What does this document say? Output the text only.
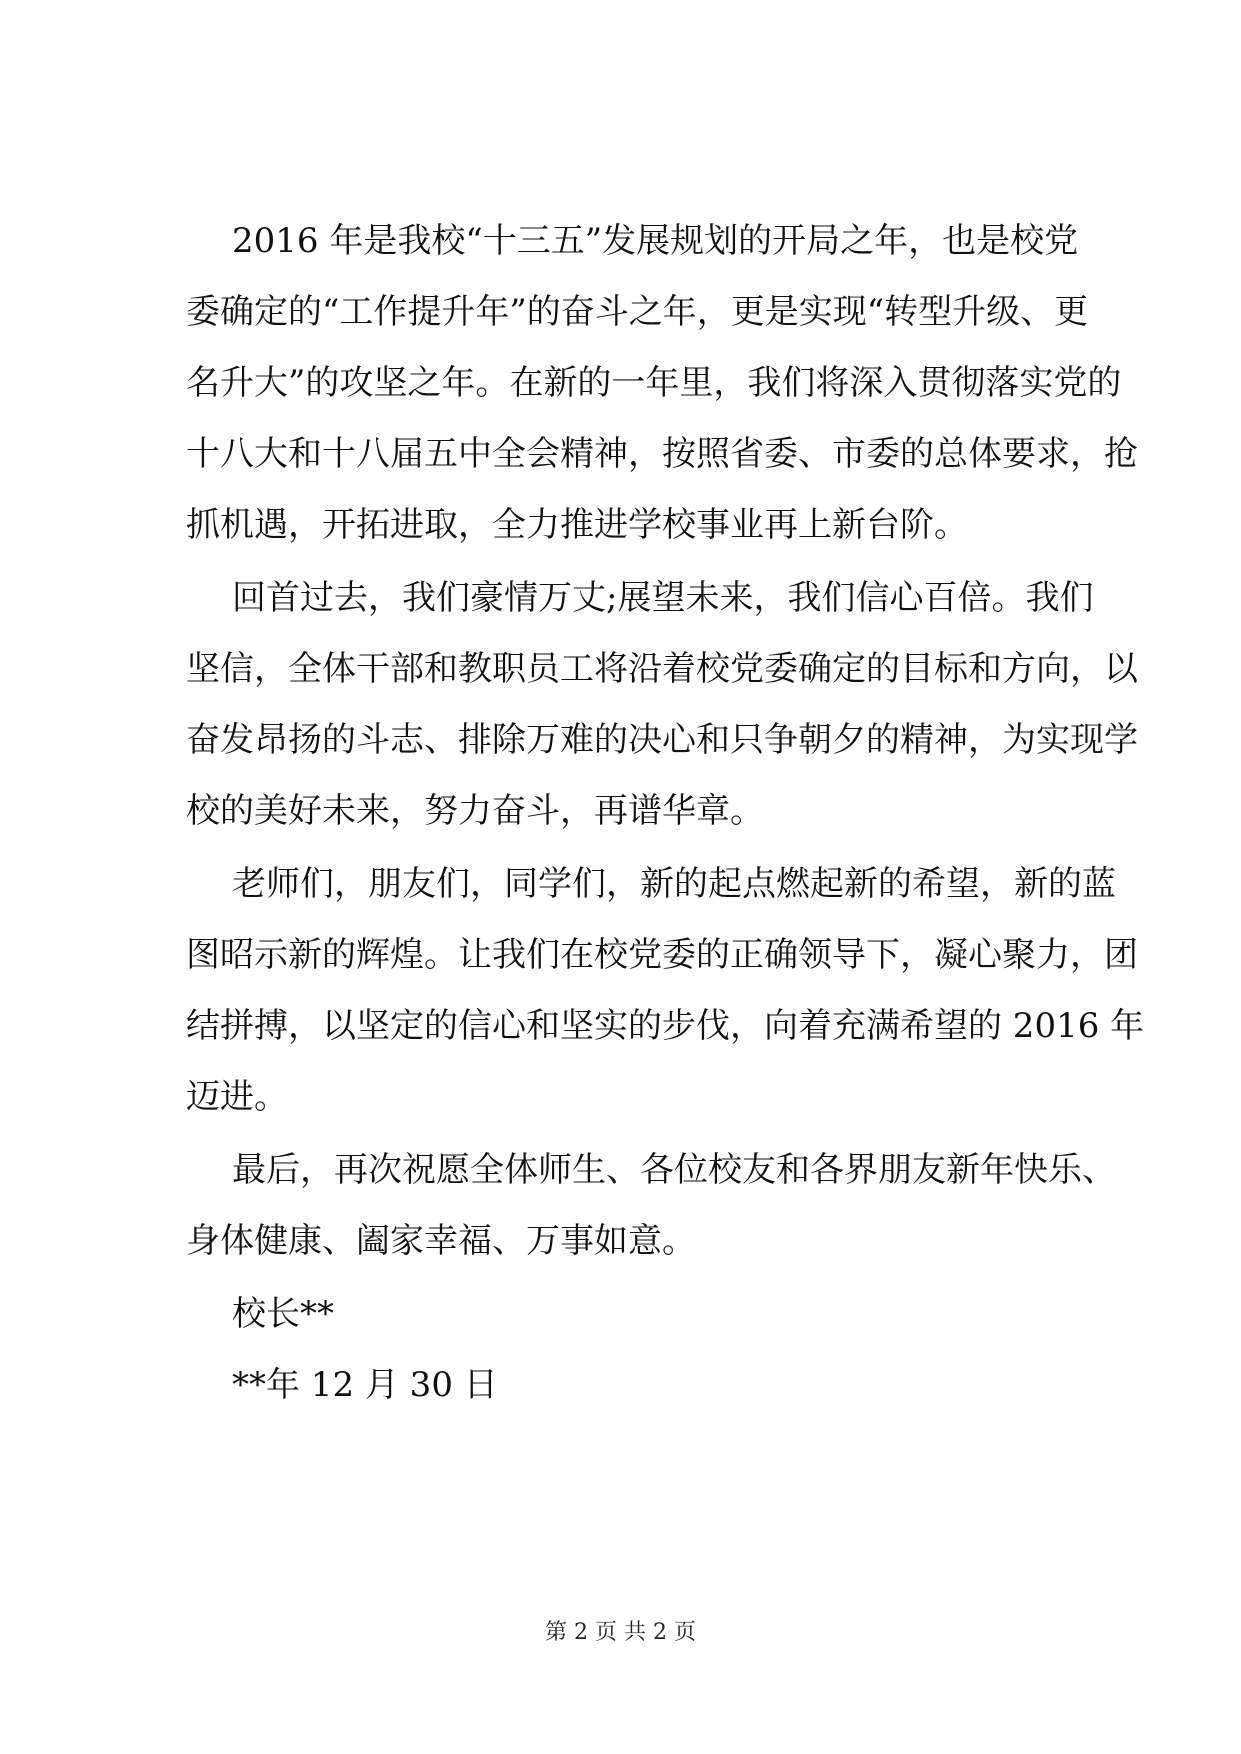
2016 年是我校“十三五”发展规划的开局之年，也是校党
委确定的“工作提升年”的奋斗之年，更是实现“转型升级、更
名升大”的攻坚之年。在新的一年里，我们将深入贯彻落实党的
十八大和十八届五中全会精神，按照省委、市委的总体要求，抢
抓机遇，开拓进取，全力推进学校事业再上新台阶。
回首过去，我们豪情万丈;展望未来，我们信心百倍。我们
坚信，全体干部和教职员工将沿着校党委确定的目标和方向，以
奋发昂扬的斗志、排除万难的决心和只争朝夕的精神，为实现学
校的美好未来，努力奋斗，再谱华章。
老师们，朋友们，同学们，新的起点燃起新的希望，新的蓝
图昭示新的辉煌。让我们在校党委的正确领导下，凝心聚力，团
结拼搏，以坚定的信心和坚实的步伐，向着充满希望的 2016 年
迈进。
最后，再次祝愿全体师生、各位校友和各界朋友新年快乐、
身体健康、阖家幸福、万事如意。
校长**
**年 12 月 30 日
第 2 页 共 2 页
